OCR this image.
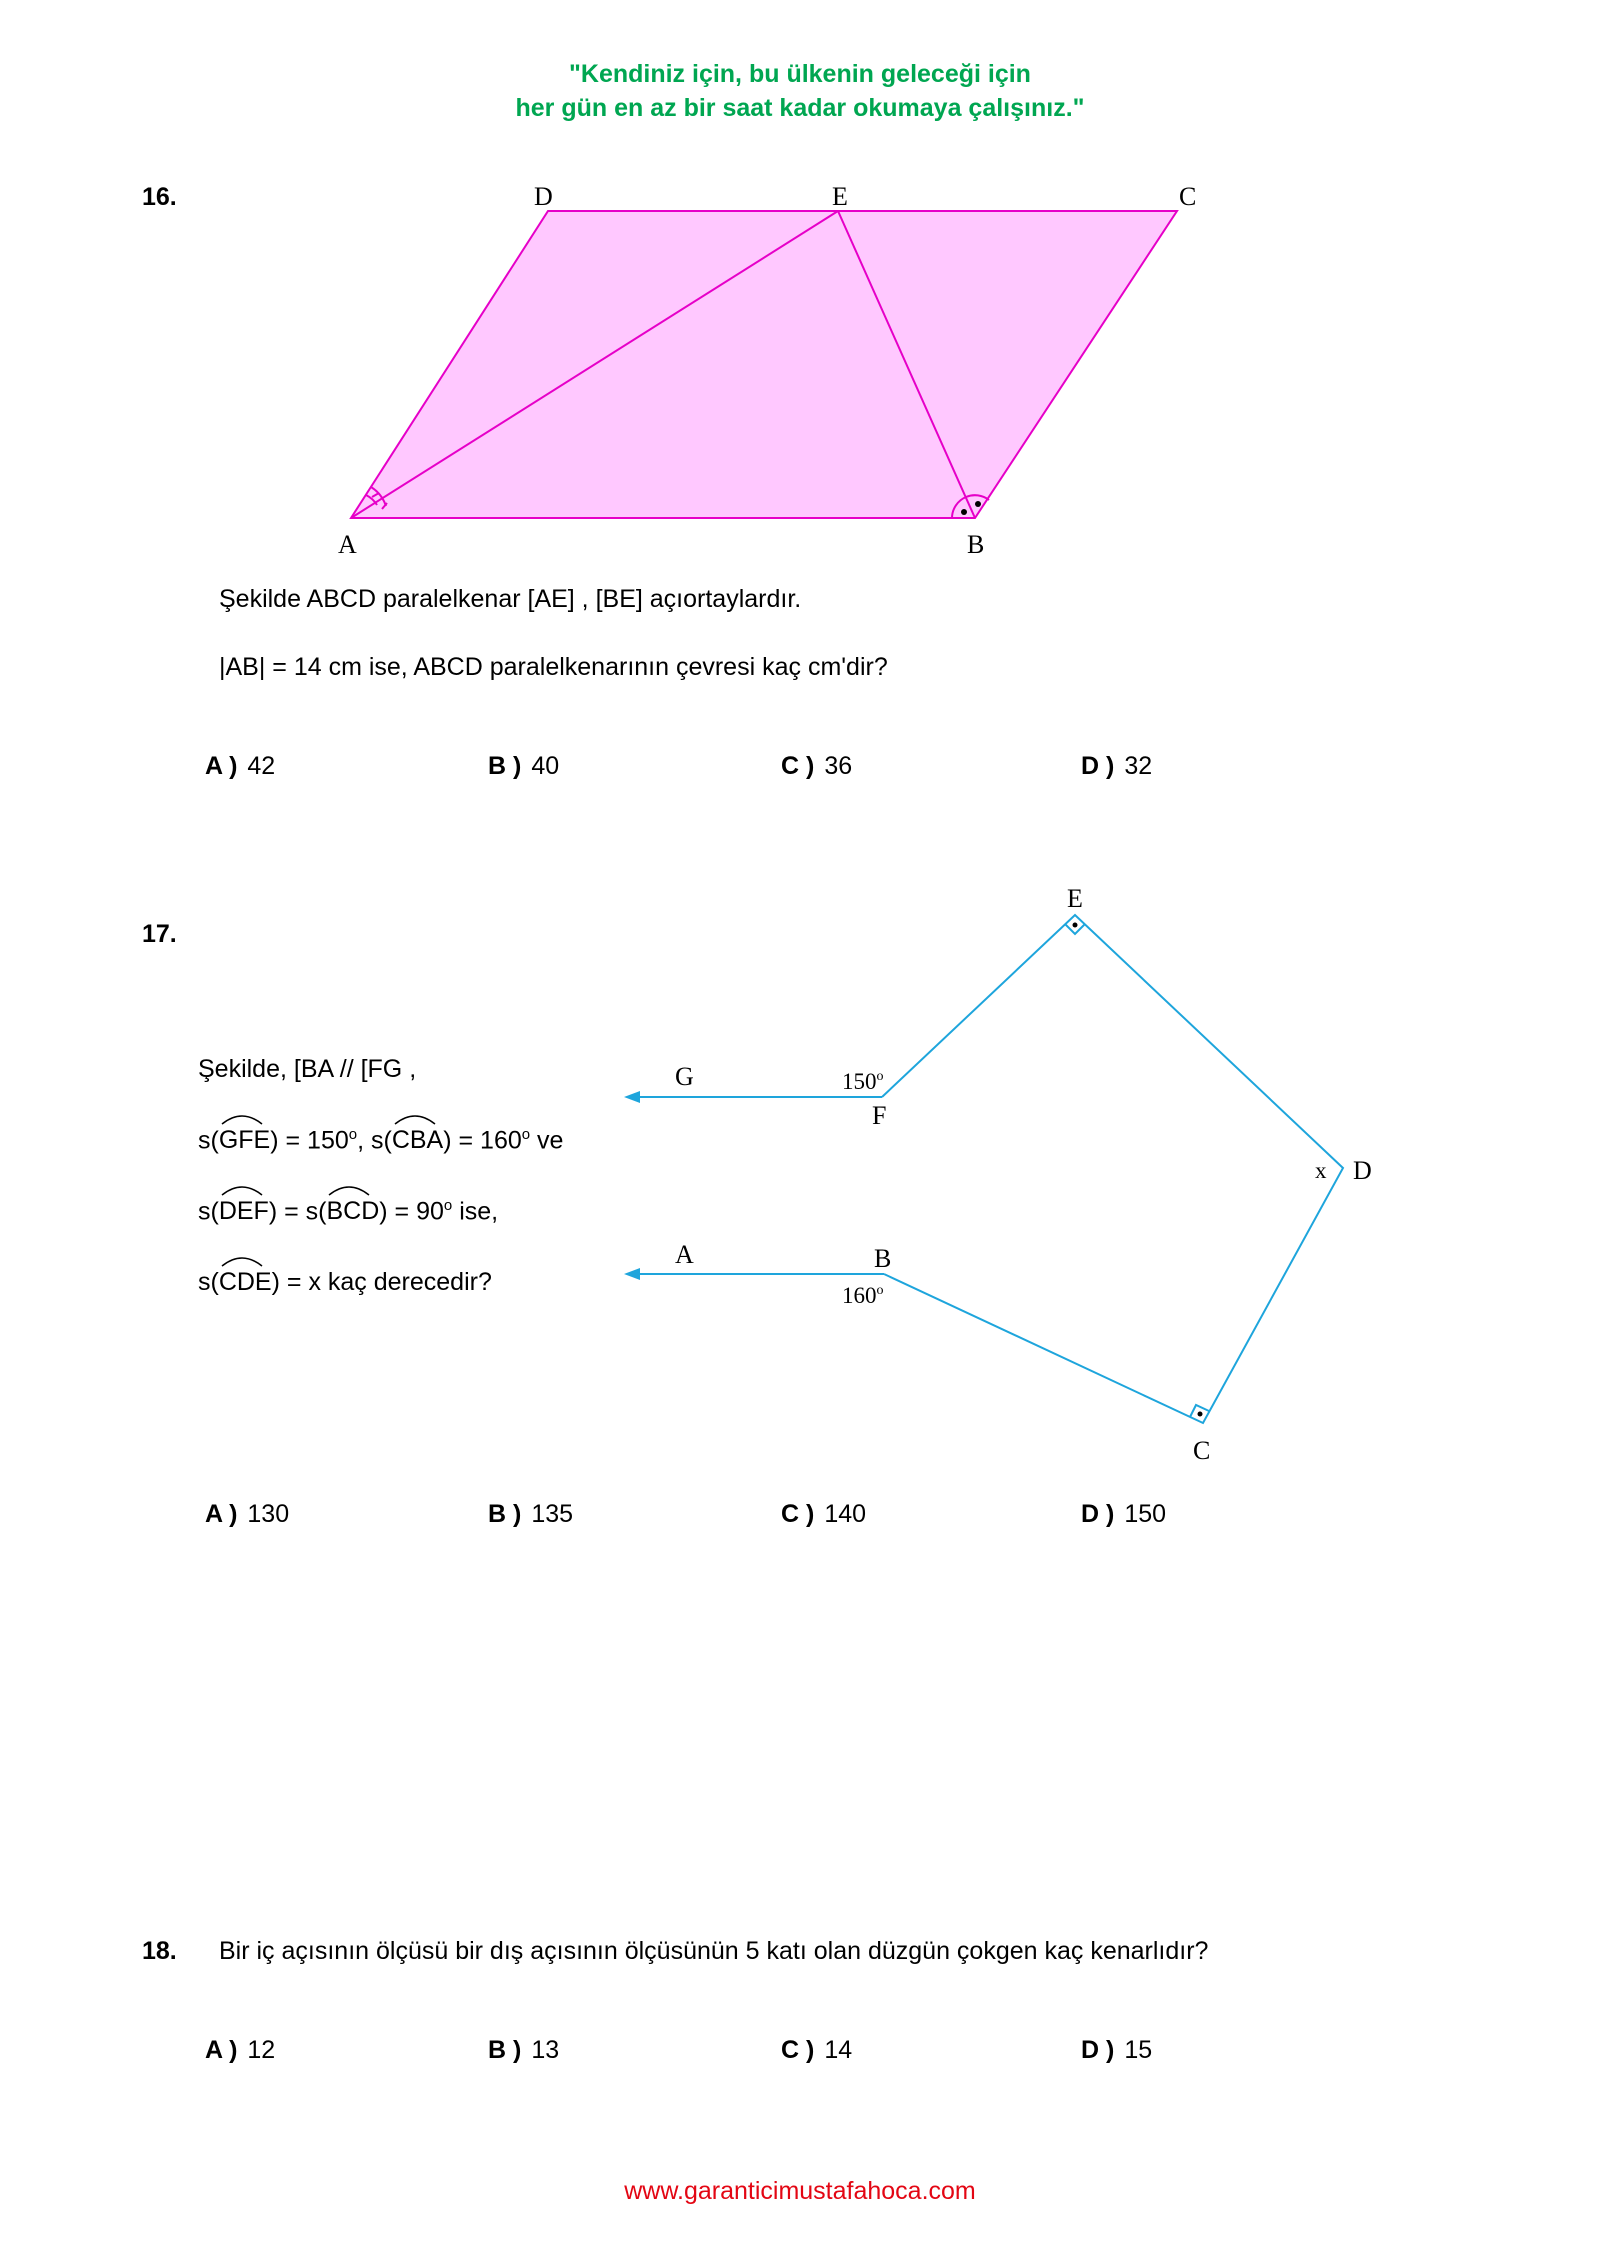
"Kendiniz için, bu ülkenin geleceği için
her gün en az bir saat kadar okumaya çalışınız."
16.	D	E	C
A	B
Şekilde ABCD paralelkenar [AE] , [BE] açıortaylardır.
|AB| = 14 cm ise, ABCD paralelkenarının çevresi kaç cm'dir?
A ) 42	B ) 40	C ) 36	D ) 32
17.
Şekilde, [BA // [FG ,
s(
$GFE) = 150^o$, s(
$CBA) = 160^o$ ve
s(
DEF) = s(
$BCD) = 90^o$ ise,
s(
CDE) = x kaç derecedir?
E
G	150$^o$
F
x D
A	B
160$^o$
C
A ) 130	B ) 135	C ) 140	D ) 150
18. Bir iç açısının ölçüsü bir dış açısının ölçüsünün 5 katı olan düzgün çokgen kaç kenarlıdır?
A ) 12	B ) 13	C ) 14	D ) 15
www.garanticimustafahoca.com
